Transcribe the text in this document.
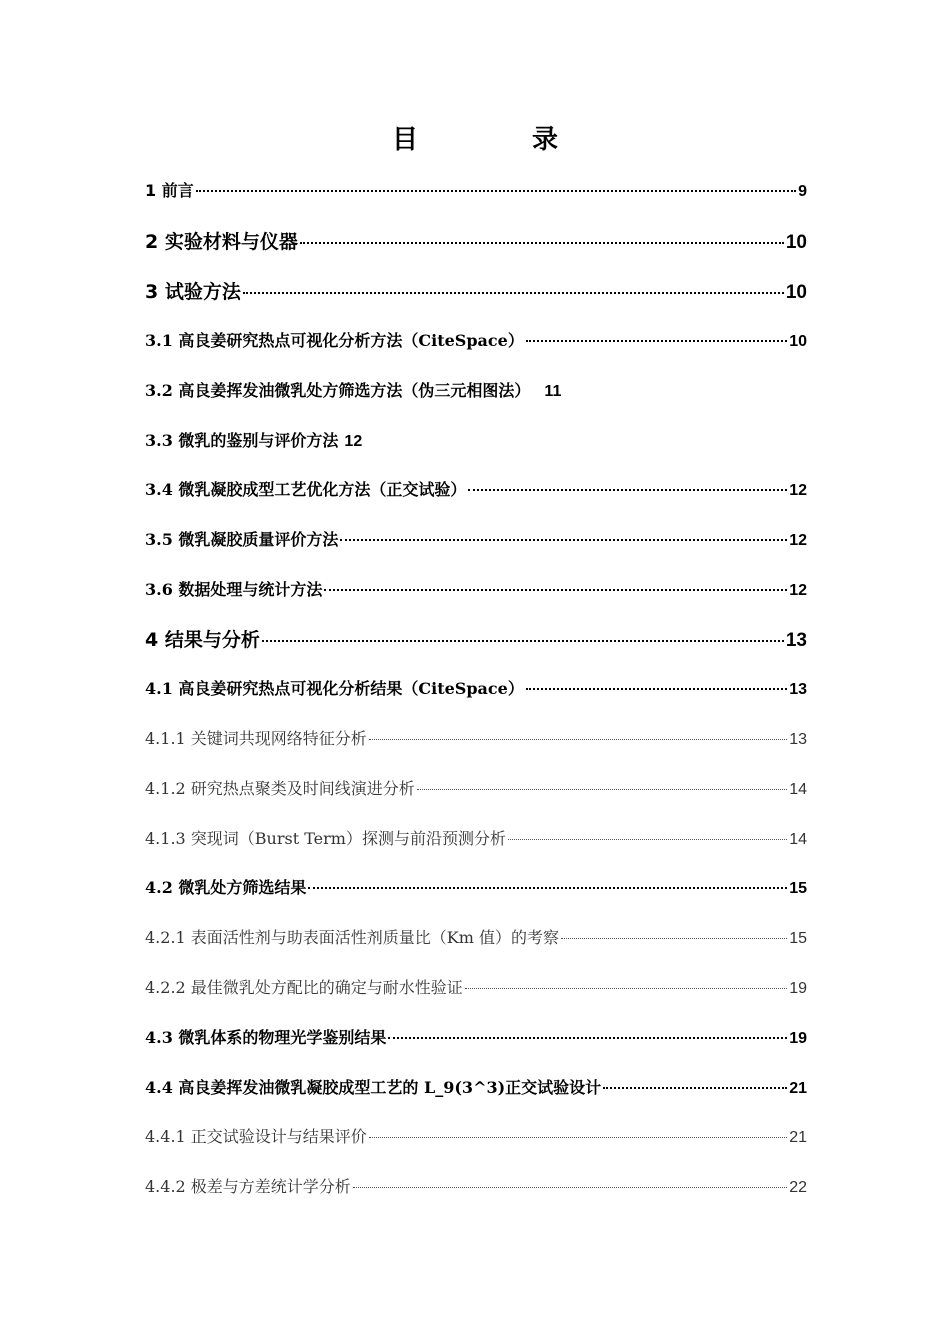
目　录
1 前言	9
2 实验材料与仪器	10
3 试验方法	10
3.1 高良姜研究热点可视化分析方法（CiteSpace）	10
3.2 高良姜挥发油微乳处方筛选方法（伪三元相图法） 11
3.3 微乳的鉴别与评价方法 12
3.4 微乳凝胶成型工艺优化方法（正交试验）	12
3.5 微乳凝胶质量评价方法	12
3.6 数据处理与统计方法	12
4 结果与分析	13
4.1 高良姜研究热点可视化分析结果（CiteSpace）	13
4.1.1 关键词共现网络特征分析	13
4.1.2 研究热点聚类及时间线演进分析	14
4.1.3 突现词（Burst Term）探测与前沿预测分析	14
4.2 微乳处方筛选结果	15
4.2.1 表面活性剂与助表面活性剂质量比（Km 值）的考察	15
4.2.2 最佳微乳处方配比的确定与耐水性验证	19
4.3 微乳体系的物理光学鉴别结果	19
4.4 高良姜挥发油微乳凝胶成型工艺的 L_9(3^3)正交试验设计	21
4.4.1 正交试验设计与结果评价	21
4.4.2 极差与方差统计学分析	22
